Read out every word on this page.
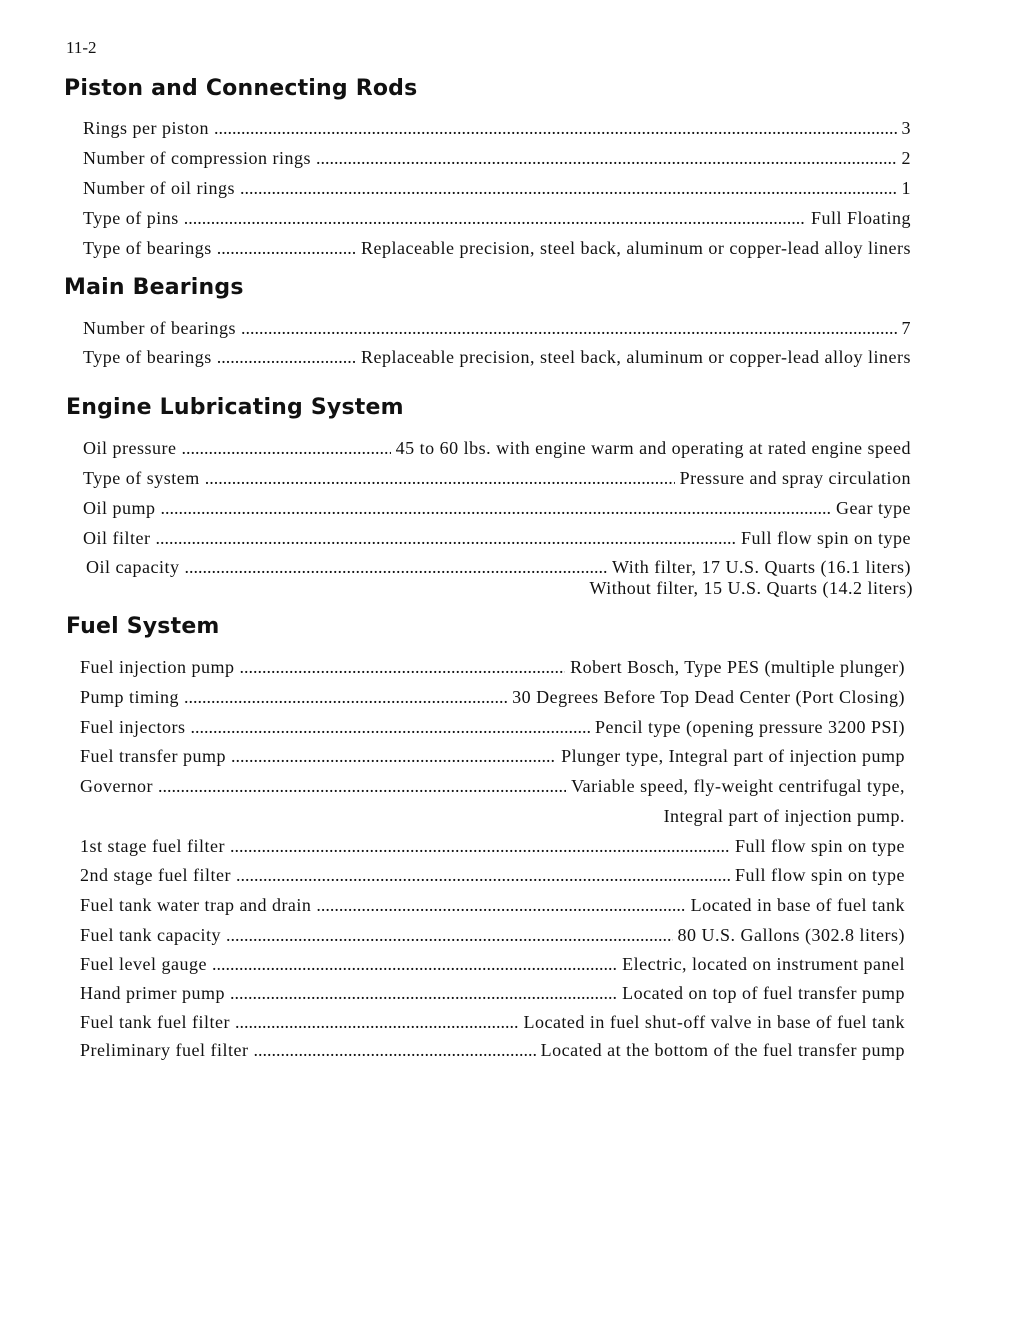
11-2
Piston and Connecting Rods
Rings per piston .....	3
Number of compression rings .....	2
Number of oil rings .....	1
Type of pins .....	Full Floating
Type of bearings .....	Replaceable precision, steel back, aluminum or copper-lead alloy liners
Main Bearings
Number of bearings .....	7
Type of bearings .....	Replaceable precision, steel back, aluminum or copper-lead alloy liners
Engine Lubricating System
Oil pressure .....	45 to 60 lbs. with engine warm and operating at rated engine speed
Type of system .....	Pressure and spray circulation
Oil pump .....	Gear type
Oil filter .....	Full flow spin on type
Oil capacity .....	With filter, 17 U.S. Quarts (16.1 liters)
Without filter, 15 U.S. Quarts (14.2 liters)
Fuel System
Fuel injection pump .....	Robert Bosch, Type PES (multiple plunger)
Pump timing .....	30 Degrees Before Top Dead Center (Port Closing)
Fuel injectors .....	Pencil type (opening pressure 3200 PSI)
Fuel transfer pump .....	Plunger type, Integral part of injection pump
Governor .....	Variable speed, fly-weight centrifugal type,
Integral part of injection pump.
1st stage fuel filter .....	Full flow spin on type
2nd stage fuel filter .....	Full flow spin on type
Fuel tank water trap and drain .....	Located in base of fuel tank
Fuel tank capacity .....	80 U.S. Gallons (302.8 liters)
Fuel level gauge .....	Electric, located on instrument panel
Hand primer pump .....	Located on top of fuel transfer pump
Fuel tank fuel filter .....	Located in fuel shut-off valve in base of fuel tank
Preliminary fuel filter .....	Located at the bottom of the fuel transfer pump
